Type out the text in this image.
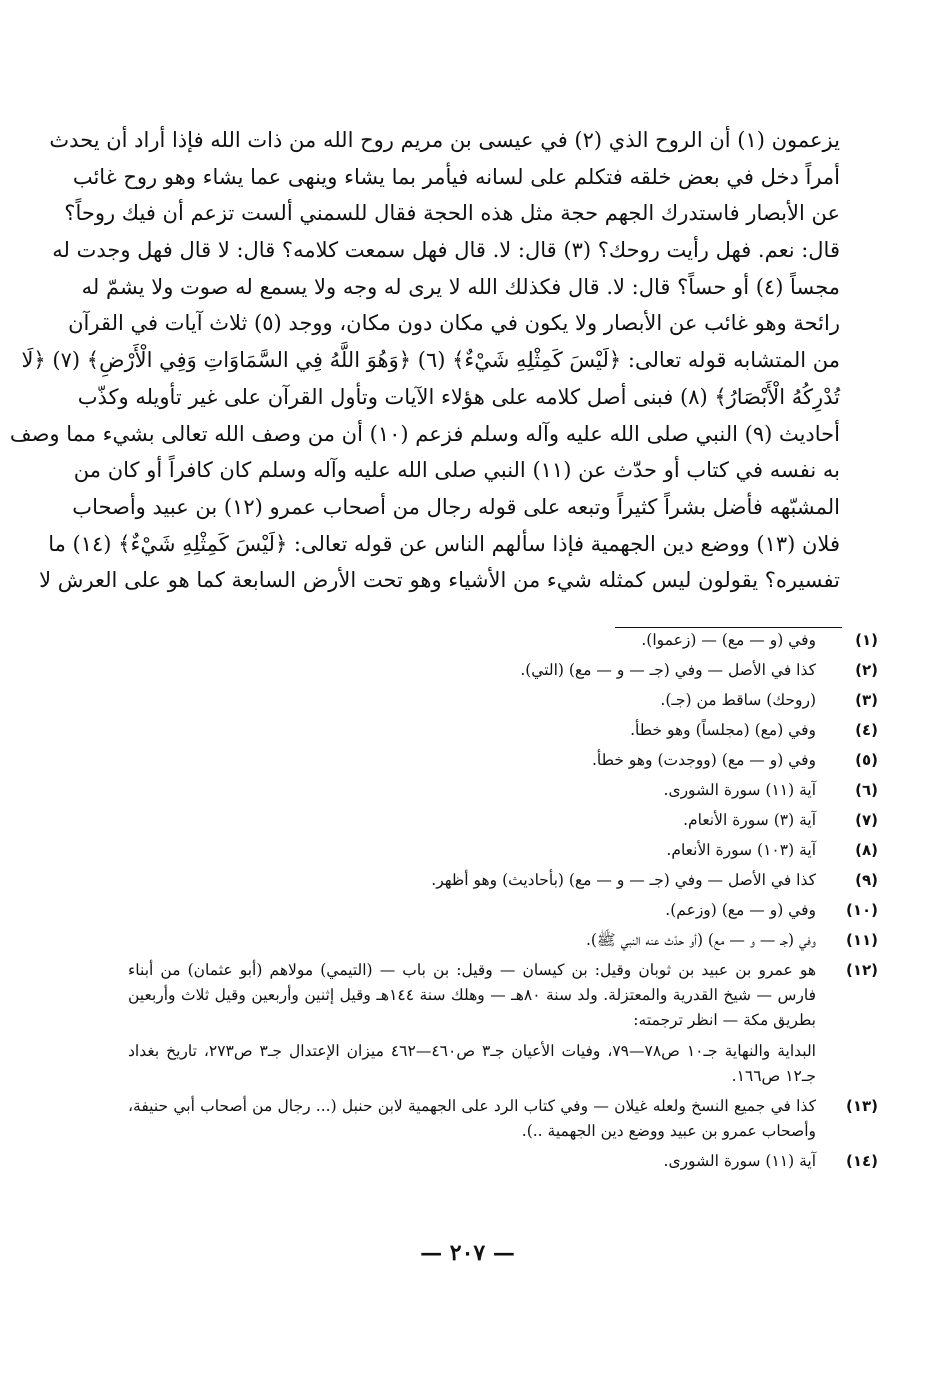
يزعمون (١) أن الروح الذي (٢) في عيسى بن مريم روح الله من ذات الله فإذا أراد أن يحدث
أمراً دخل في بعض خلقه فتكلم على لسانه فيأمر بما يشاء وينهى عما يشاء وهو روح غائب
عن الأبصار فاستدرك الجهم حجة مثل هذه الحجة فقال للسمني ألست تزعم أن فيك روحاً؟
قال: نعم. فهل رأيت روحك؟ (٣) قال: لا. قال فهل سمعت كلامه؟ قال: لا قال فهل وجدت له
مجساً (٤) أو حساً؟ قال: لا. قال فكذلك الله لا يرى له وجه ولا يسمع له صوت ولا يشمّ له
رائحة وهو غائب عن الأبصار ولا يكون في مكان دون مكان، ووجد (٥) ثلاث آيات في القرآن
من المتشابه قوله تعالى: ﴿لَيْسَ كَمِثْلِهِ شَيْءٌ﴾ (٦) ﴿وَهُوَ اللَّهُ فِي السَّمَاوَاتِ وَفِي الْأَرْضِ﴾ (٧) ﴿لَا
تُدْرِكُهُ الْأَبْصَارُ﴾ (٨) فبنى أصل كلامه على هؤلاء الآيات وتأول القرآن على غير تأويله وكذّب
أحاديث (٩) النبي صلى الله عليه وآله وسلم فزعم (١٠) أن من وصف الله تعالى بشيء مما وصف
به نفسه في كتاب أو حدّث عن (١١) النبي صلى الله عليه وآله وسلم كان كافراً أو كان من
المشبّهه فأضل بشراً كثيراً وتبعه على قوله رجال من أصحاب عمرو (١٢) بن عبيد وأصحاب
فلان (١٣) ووضع دين الجهمية فإذا سألهم الناس عن قوله تعالى: ﴿لَيْسَ كَمِثْلِهِ شَيْءٌ﴾ (١٤) ما
تفسيره؟ يقولون ليس كمثله شيء من الأشياء وهو تحت الأرض السابعة كما هو على العرش لا
(١)
وفي (و — مع) — (زعموا).
(٢)
كذا في الأصل — وفي (جـ — و — مع) (التي).
(٣)
(روحك) ساقط من (جـ).
(٤)
وفي (مع) (مجلساً) وهو خطأ.
(٥)
وفي (و — مع) (ووجدت) وهو خطأ.
(٦)
آية (١١) سورة الشورى.
(٧)
آية (٣) سورة الأنعام.
(٨)
آية (١٠٣) سورة الأنعام.
(٩)
كذا في الأصل — وفي (جـ — و — مع) (بأحاديث) وهو أظهر.
(١٠)
وفي (و — مع) (وزعم).
(١١)
وفي (جـ — و — مع) (أو حدّث عنه النبي ﷺ).
(١٢)
هو عمرو بن عبيد بن ثوبان وقيل: بن كيسان — وقيل: بن باب — (التيمي) مولاهم (أبو عثمان) من أبناء فارس — شيخ القدرية والمعتزلة. ولد سنة ٨٠هـ — وهلك سنة ١٤٤هـ وقيل إثنين وأربعين وقيل ثلاث وأربعين بطريق مكة — انظر ترجمته:
البداية والنهاية جـ١٠ ص٧٨—٧٩، وفيات الأعيان جـ٣ ص٤٦٠—٤٦٢ ميزان الإعتدال جـ٣ ص٢٧٣، تاريخ بغداد جـ١٢ ص١٦٦.
(١٣)
كذا في جميع النسخ ولعله غيلان — وفي كتاب الرد على الجهمية لابن حنبل (... رجال من أصحاب أبي حنيفة، وأصحاب عمرو بن عبيد ووضع دين الجهمية ..).
(١٤)
آية (١١) سورة الشورى.
— ٢٠٧ —
